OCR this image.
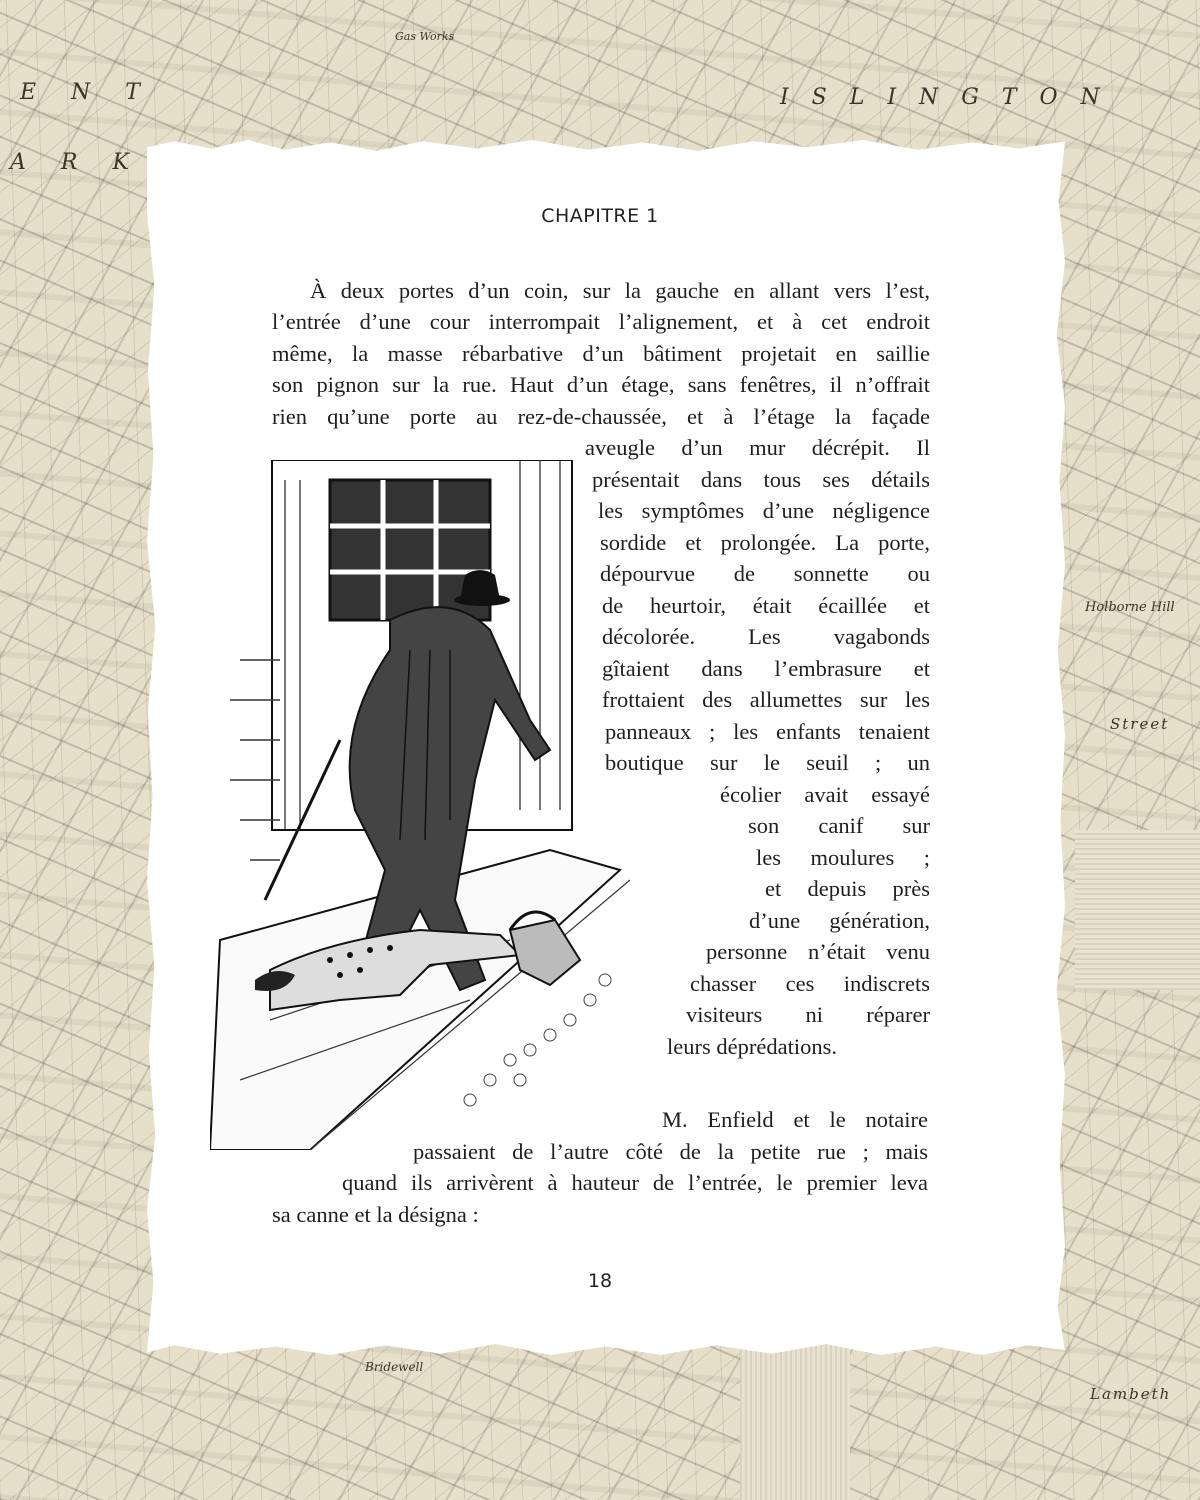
E N T
A R K
I S L I N G T O N
Holborne Hill
Street
Bridewell
Lambeth
Gas Works
CHAPITRE 1
À deux portes d’un coin, sur la gauche en allant vers l’est,
l’entrée d’une cour interrompait l’alignement, et à cet endroit
même, la masse rébarbative d’un bâtiment projetait en saillie
son pignon sur la rue. Haut d’un étage, sans fenêtres, il n’offrait
rien qu’une porte au rez-de-chaussée, et à l’étage la façade
aveugle d’un mur décrépit. Il
présentait dans tous ses détails
les symptômes d’une négligence
sordide et prolongée. La porte,
dépourvue de sonnette ou
de heurtoir, était écaillée et
décolorée. Les vagabonds
gîtaient dans l’embrasure et
frottaient des allumettes sur les
panneaux ; les enfants tenaient
boutique sur le seuil ; un
écolier avait essayé
son canif sur
les moulures ;
et depuis près
d’une génération,
personne n’était venu
chasser ces indiscrets
visiteurs ni réparer
leurs déprédations.
M. Enfield et le notaire
passaient de l’autre côté de la petite rue ; mais
quand ils arrivèrent à hauteur de l’entrée, le premier leva
sa canne et la désigna :
18
